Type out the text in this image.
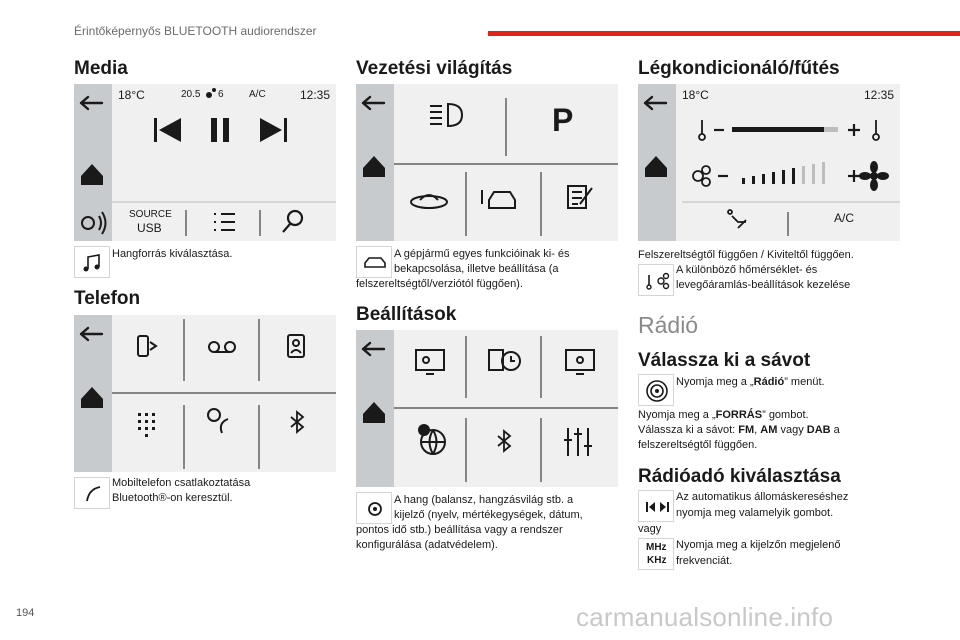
Érintőképernyős BLUETOOTH audiorendszer
Media
18°C	20.5 6	A/C	12:35
SOURCE
USB
Hangforrás kiválasztása.
Telefon
Mobiltelefon csatlakoztatása
Bluetooth®-on keresztül.
Vezetési világítás
P
A gépjármű egyes funkcióinak ki- és
bekapcsolása, illetve beállítása (a
felszereltségtől/verziótól függően).
Beállítások
A hang (balansz, hangzásvilág stb. a
kijelző (nyelv, mértékegységek, dátum,
pontos idő stb.) beállítása vagy a rendszer
konfigurálása (adatvédelem).
Légkondicionáló/fűtés
18°C	12:35
A/C
Felszereltségtől függően / Kiviteltől függően.
A különböző hőmérséklet- és
levegőáramlás-beállítások kezelése
Rádió
Válassza ki a sávot
Nyomja meg a „Rádió” menüt.
Nyomja meg a „FORRÁS” gombot.
Válassza ki a sávot: FM, AM vagy DAB a
felszereltségtől függően.
Rádióadó kiválasztása
Az automatikus állomáskereséshez
nyomja meg valamelyik gombot.
vagy
MHz
KHz
Nyomja meg a kijelzőn megjelenő
frekvenciát.
194	carmanualsonline.info
